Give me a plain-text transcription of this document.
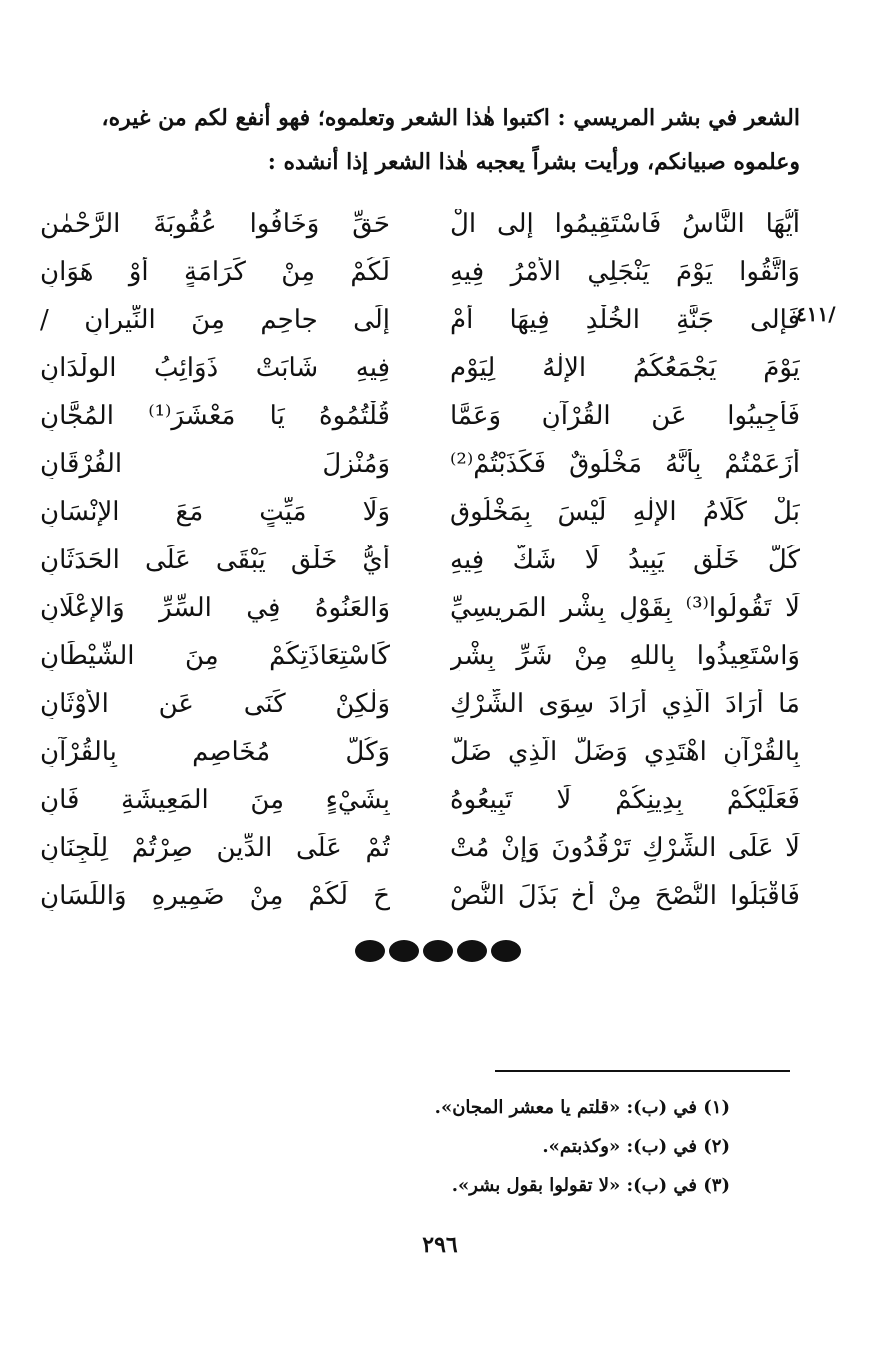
الشعر في بشر المريسي : اكتبوا هٰذا الشعر وتعلموه؛ فهو أنفع لكم من غيره،

وعلموه صبيانكم، ورأيت بشراً يعجبه هٰذا الشعر إذا أنشده :

/٤١١
أَيُّهَا النَّاسُ فَاسْتَقِيمُوا إِلى الْ
حَقِّ وَخَافُوا عُقُوبَةَ الرَّحْمٰنِ
وَاتَّقُوا يَوْمَ يَنْجَلِي الأَمْرُ فِيهِ
لَكُمْ مِنْ كَرَامَةٍ أَوْ هَوَانِ
فَإِلى جَنَّةِ الخُلْدِ فِيهَا أَمْ
إِلَى جاحِمٍ مِنَ النِّيرانِ /
يَوْمَ يَجْمَعُكُمُ الإِلٰهُ لِيَوْمٍ
فِيهِ شَابَتْ ذَوَائِبُ الوِلْدَانِ
فَأَجِيبُوا عَنِ القُرْآنِ وَعَمَّا
قُلْتُمُوهُ يَا مَعْشَرَ⁽¹⁾ المُجَّانِ
أَزَعَمْتُمْ بِأَنَّهُ مَخْلُوقٌ فَكَذَبْتُمْ⁽²⁾
وَمُنْزِلَ الفُرْقَانِ
بَلْ كَلَامُ الإِلٰهِ لَيْسَ بِمَخْلُوقٍ
وَلَا مَيِّتٍ مَعَ الإِنْسَانِ
كُلُّ خَلْقٍ يَبِيدُ لَا شَكَّ فِيهِ
أَيُّ خَلْقٍ يَبْقَى عَلَى الحَدَثَانِ
لَا تَقُولُوا⁽³⁾ بِقَوْلِ بِشْرِ المَرِيسِيِّ
وَالعَنُوهُ فِي السِّرِّ وَالإِعْلَانِ
وَاسْتَعِيذُوا بِاللهِ مِنْ شَرِّ بِشْرٍ
كَاسْتِعَاذَتِكُمْ مِنَ الشَّيْطَانِ
مَا أَرَادَ الَّذِي أَرَادَ سِوَى الشِّرْكِ
وَلٰكِنْ كَنَى عَنِ الأَوْثَانِ
بِالقُرْآنِ اهْتَدِي وَضَلَّ الَّذِي ضَلَّ
وَكُلُّ مُخَاصِمٍ بِالقُرْآنِ
فَعَلَيْكُمْ بِدِينِكُمْ لَا تَبِيعُوهُ
بِشَيْءٍ مِنَ المَعِيشَةِ فَانِ
لَا عَلَى الشِّرْكِ تَرْقُدُونَ وَإِنْ مُتْ
تُمْ عَلَى الدِّينِ صِرْتُمْ لِلْجِنَانِ
فَاقْبَلُوا النُّصْحَ مِنْ أَخٍ بَذَلَ النُّصْ
حَ لَكُمْ مِنْ ضَمِيرِهِ وَاللِّسَانِ
(١) في (ب): «قلتم يا معشر المجان».
(٢) في (ب): «وكذبتم».
(٣) في (ب): «لا تقولوا بقول بشر».
٢٩٦
